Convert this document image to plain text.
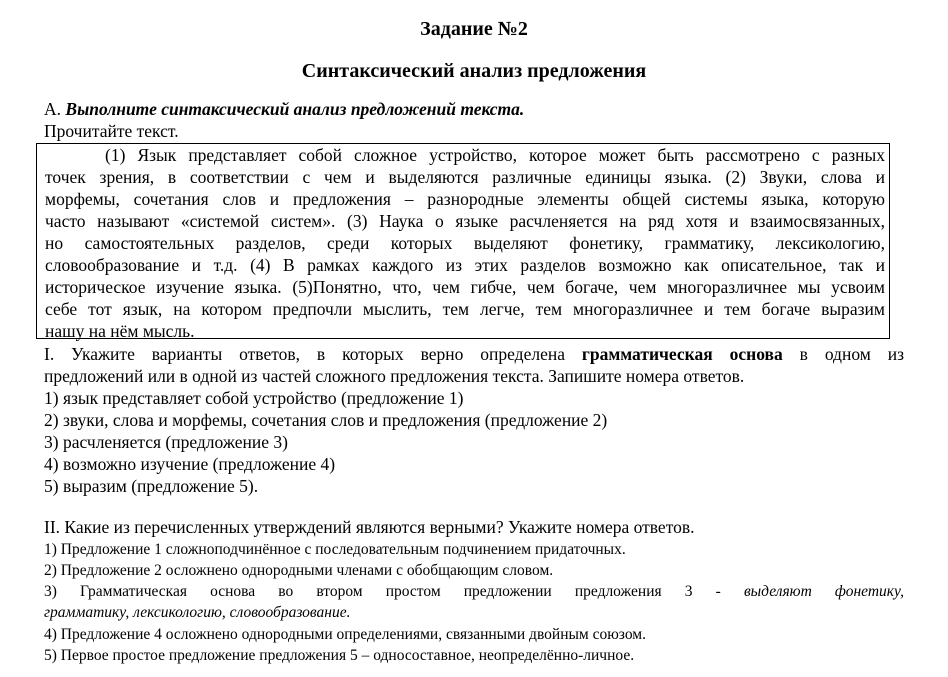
Задание №2
Синтаксический анализ предложения
А. Выполните синтаксический анализ предложений текста.
Прочитайте текст.
(1) Язык представляет собой сложное устройство, которое может быть рассмотрено с разных
точек зрения, в соответствии с чем и выделяются различные единицы языка. (2) Звуки, слова и
морфемы, сочетания слов и предложения – разнородные элементы общей системы языка, которую
часто называют «системой систем». (3) Наука о языке расчленяется на ряд хотя и взаимосвязанных,
но самостоятельных разделов, среди которых выделяют фонетику, грамматику, лексикологию,
словообразование и т.д. (4) В рамках каждого из этих разделов возможно как описательное, так и
историческое изучение языка. (5)Понятно, что, чем гибче, чем богаче, чем многоразличнее мы усвоим
себе тот язык, на котором предпочли мыслить, тем легче, тем многоразличнее и тем богаче выразим
нашу на нём мысль.
I. Укажите варианты ответов, в которых верно определена грамматическая основа в одном из
предложений или в одной из частей сложного предложения текста. Запишите номера ответов.
1) язык представляет собой устройство (предложение 1)
2) звуки, слова и морфемы, сочетания слов и предложения (предложение 2)
3) расчленяется (предложение 3)
4) возможно изучение (предложение 4)
5) выразим (предложение 5).
II. Какие из перечисленных утверждений являются верными? Укажите номера ответов.
1) Предложение 1 сложноподчинённое с последовательным подчинением придаточных.
2) Предложение 2 осложнено однородными членами с обобщающим словом.
3) Грамматическая основа во втором простом предложении предложения 3 - выделяют фонетику,
грамматику, лексикологию, словообразование.
4) Предложение 4 осложнено однородными определениями, связанными двойным союзом.
5) Первое простое предложение предложения 5 – односоставное, неопределённо-личное.
